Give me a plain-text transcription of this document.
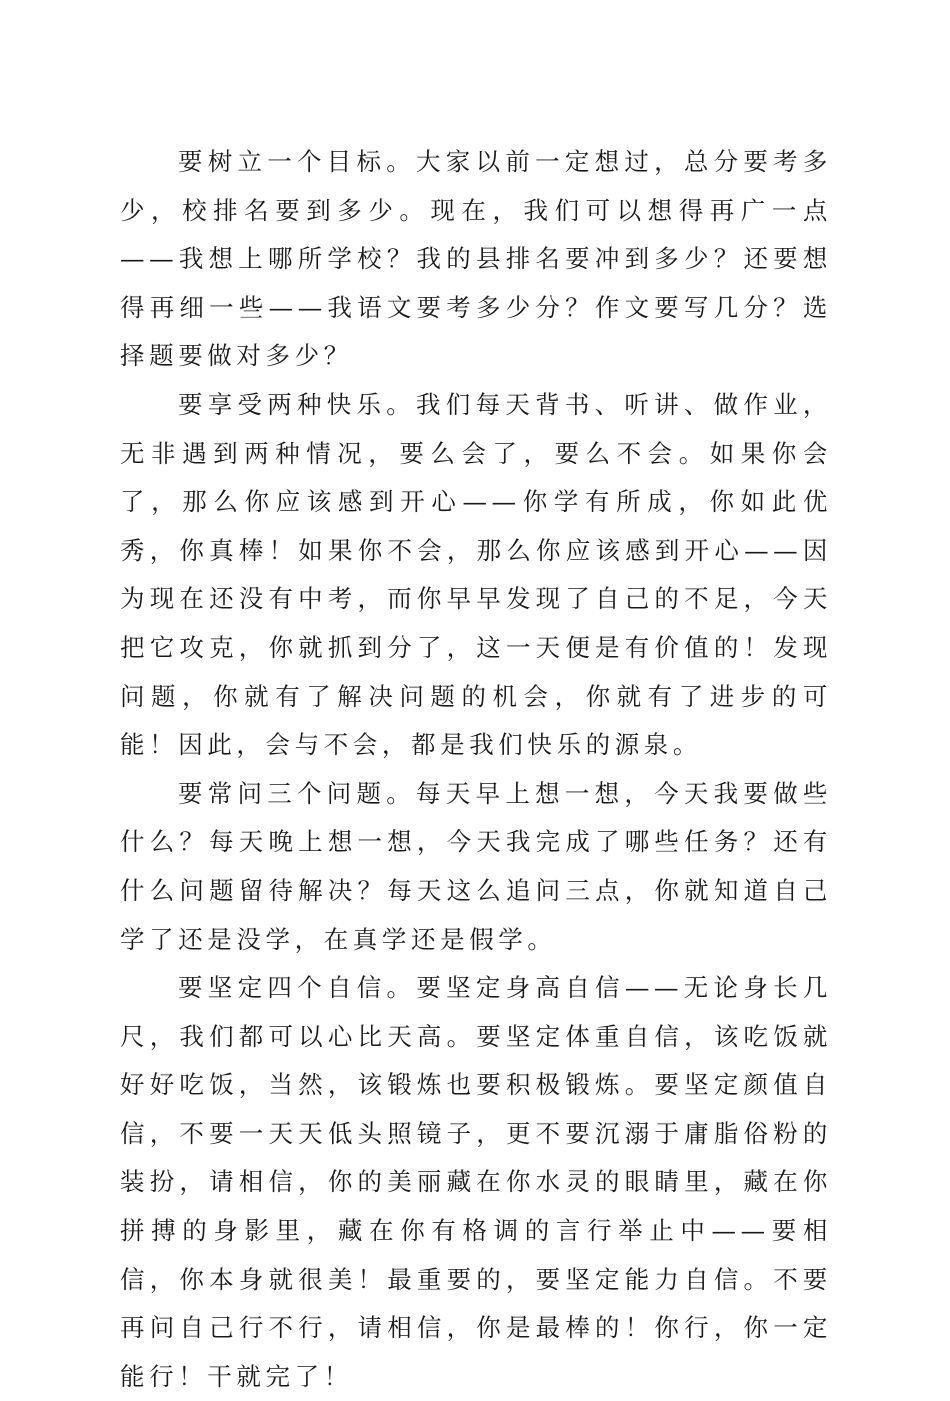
要树立一个目标。大家以前一定想过，总分要考多少，校排名要到多少。现在，我们可以想得再广一点——我想上哪所学校？我的县排名要冲到多少？还要想得再细一些——我语文要考多少分？作文要写几分？选择题要做对多少？

要享受两种快乐。我们每天背书、听讲、做作业，无非遇到两种情况，要么会了，要么不会。如果你会了，那么你应该感到开心——你学有所成，你如此优秀，你真棒！如果你不会，那么你应该感到开心——因为现在还没有中考，而你早早发现了自己的不足，今天把它攻克，你就抓到分了，这一天便是有价值的！发现问题，你就有了解决问题的机会，你就有了进步的可能！因此，会与不会，都是我们快乐的源泉。

要常问三个问题。每天早上想一想，今天我要做些什么？每天晚上想一想，今天我完成了哪些任务？还有什么问题留待解决？每天这么追问三点，你就知道自己学了还是没学，在真学还是假学。

要坚定四个自信。要坚定身高自信——无论身长几尺，我们都可以心比天高。要坚定体重自信，该吃饭就好好吃饭，当然，该锻炼也要积极锻炼。要坚定颜值自信，不要一天天低头照镜子，更不要沉溺于庸脂俗粉的装扮，请相信，你的美丽藏在你水灵的眼睛里，藏在你拼搏的身影里，藏在你有格调的言行举止中——要相信，你本身就很美！最重要的，要坚定能力自信。不要再问自己行不行，请相信，你是最棒的！你行，你一定能行！干就完了！
